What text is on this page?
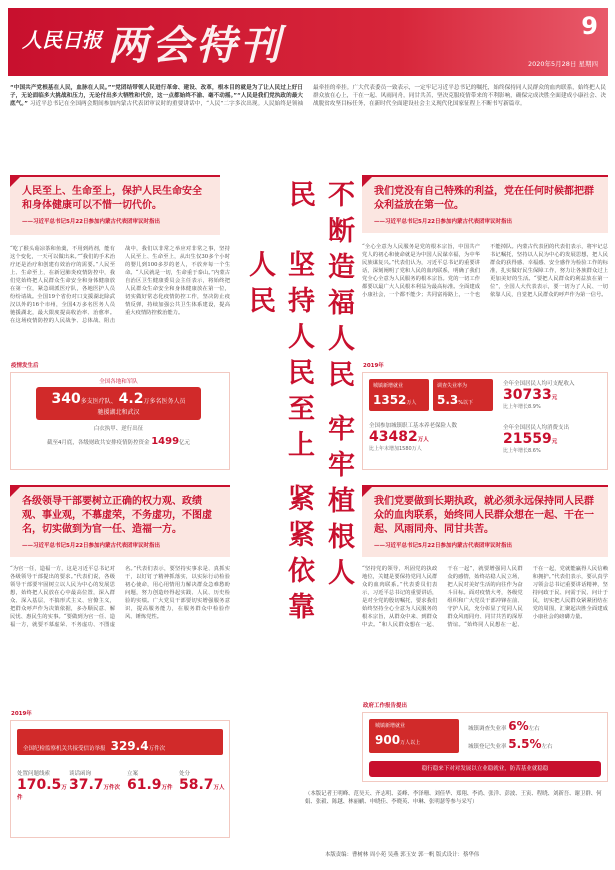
人民日报 两会特刊	9
2020年5月28日 星期四
“中国共产党根基在人民，血脉在人民。”“党团结带领人民进行革命、建设、改革，根本目的就是为了让人民过上好日子，无论面临多大挑战和压力，无论付出多大牺牲和代价，这一点都始终不渝、毫不动摇。”“人民是我们党执政的最大底气。” 习近平总书记在全国两会期间参加内蒙古代表团审议时的重要讲话中，“人民”二字多次出现。人民始终是领袖最牵挂的牵挂。广大代表委员一致表示，一定牢记习近平总书记的嘱托，始终保持同人民群众的血肉联系，始终把人民群众放在心上，干在一起、风雨同舟，同甘共苦，坚决克服疫情带来的不利影响，确保完成决胜全面建成小康社会、决战脱贫攻坚目标任务，在新时代全面建设社会主义现代化国家征程上不断书写新篇章。
人民至上、生命至上，保护人民生命安全和身体健康可以不惜一切代价。
——习近平总书记5月22日参加内蒙古代表团审议时指出
“吃了猴头菇凉茶和鱼羹，不用到药剂，能有这个变化，一天可以做出来。”“我们的手术治疗还是治疗和创建有效治疗的需要。”人民至上、生命至上，在新冠肺炎疫情防控中，我们党始终把人民群众生命安全和身体健康放在第一位，紧急调派医疗队，各地医护人员纷纷请战。全国19个省份对口支援湖北除武汉以外的16个市州，全国4万多名医务人员驰援湖北，最大限度提高收治率、治愈率。在这场疫情防控的人民战争、总体战、阻击战中，我们以非常之举应对非常之事，坚持人民至上、生命至上，从出生仅30多个小时的婴儿到100多岁的老人，不放弃每一个生命。“人民就是一切，生命重于泰山。”内蒙古自治区卫生健康委员会主任表示，将始终把人民群众生命安全和身体健康放在第一位，切实做好常态化疫情防控工作，坚决防止疫情反弹，持续加强公共卫生体系建设，提高重大疫情防控救治能力。	坚持人民至上 紧紧依靠人民	不断造福人民 牢牢植根人民	我们党没有自己特殊的利益，党在任何时候都把群众利益放在第一位。
——习近平总书记5月22日参加内蒙古代表团审议时指出
“全心全意为人民服务是党的根本宗旨，中国共产党人的初心和使命就是为中国人民谋幸福，为中华民族谋复兴。”代表们认为，习近平总书记的重要讲话，深刻阐明了党和人民的血肉联系，明确了我们党全心全意为人民服务的根本宗旨。党的一切工作都要以最广大人民根本利益为最高标准。全面建成小康社会，一个都不能少；共同富裕路上，一个也不能掉队。内蒙古代表团的代表们表示，将牢记总书记嘱托，坚持以人民为中心的发展思想，把人民群众的获得感、幸福感、安全感作为检验工作的标准，扎实做好民生保障工作，努力让各族群众过上更加美好的生活。“要把人民群众的利益放在第一位”，全国人大代表表示，要一切为了人民、一切依靠人民，自觉把人民群众的呼声作为第一信号。
疫情发生后
全国各地和军队
340多支医疗队、 4.2万多名医务人员
驰援湖北和武汉
白衣执甲、逆行出征
截至4月底，各级财政共安排疫情防控资金 1499亿元
2019年
城镇新增就业
1352万人
调查失业率为
5.3%以下
全国参加城镇职工基本养老保险人数
43482万人
比上年末增加1580万人
全年全国居民人均可支配收入
30733元
比上年增长8.9%
全年全国居民人均消费支出
21559元
比上年增长8.6%
各级领导干部要树立正确的权力观、政绩观、事业观，不慕虚荣，不务虚功，不图虚名，切实做到为官一任、造福一方。
——习近平总书记5月22日参加内蒙古代表团审议时指出
“为官一任，造福一方，这是习近平总书记对各级领导干部提出的要求。”代表们说，各级领导干部要牢固树立以人民为中心的发展思想，始终把人民放在心中最高位置，深入群众、深入基层，不搞形式主义、官僚主义，把群众呼声作为决策依据，多办顺民意、解民忧、惠民生的实事。“要做到为官一任、造福一方，就要不慕虚荣、不务虚功、不图虚名。”代表们表示，要坚持实事求是、真抓实干，以钉钉子精神抓落实，以实际行动检验初心使命，用心用情用力解决群众急难愁盼问题，努力创造经得起实践、人民、历史检验的实绩。广大党员干部要切实增强服务意识，提高服务能力，在服务群众中检验作风、锤炼党性。
我们党要做到长期执政，就必须永远保持同人民群众的血肉联系，始终同人民群众想在一起、干在一起、风雨同舟、同甘共苦。
——习近平总书记5月22日参加内蒙古代表团审议时指出
“坚持党的领导，巩固党的执政地位，关键是要保持党同人民群众的血肉联系。”代表委员们表示，习近平总书记的重要讲话，是对全党的殷切嘱托，要求我们始终坚持全心全意为人民服务的根本宗旨，从群众中来、到群众中去。“和人民群众想在一起、干在一起”，就要增强同人民群众的感情，始终站稳人民立场，把人民对美好生活的向往作为奋斗目标。面对疫情大考，各级党组织和广大党员干部冲锋在前、守护人民，充分彰显了党同人民群众风雨同舟、同甘共苦的深厚情谊。“始终同人民想在一起、干在一起，党就能赢得人民信赖和拥护。”代表们表示，要认真学习领会总书记重要讲话精神，坚持问政于民、问需于民、问计于民，切实把人民群众紧紧团结在党的周围，汇聚起决胜全面建成小康社会的磅礴力量。
2019年
全国纪检监察机关共接受信访举报 329.4万件次
处置问题线索
170.5万件
谈话函询
37.7万件次
立案
61.9万件
处分
58.7万人
政府工作报告提出
城镇新增就业
900万人以上
城镇调查失业率 6%左右
城镇登记失业率 5.5%左右
稳行稳来下对对发展以立业稳就业，防苦基业就稳稳
（本版记者王明峰、范昊天、齐志明、姜峰、李泽珊、刘佳华、郑翔、李尚、张洋、彭波、王寅、程晓、刘新吾、谢卫群、何娟、张毅、陈越、林丽鹂、申晓佳、李晓英、申琳、张明瑟等参与采写）
本版责编：曹树林 周小苑 吴燕 郭玉安 郭一帆 版式设计：蔡华伟
